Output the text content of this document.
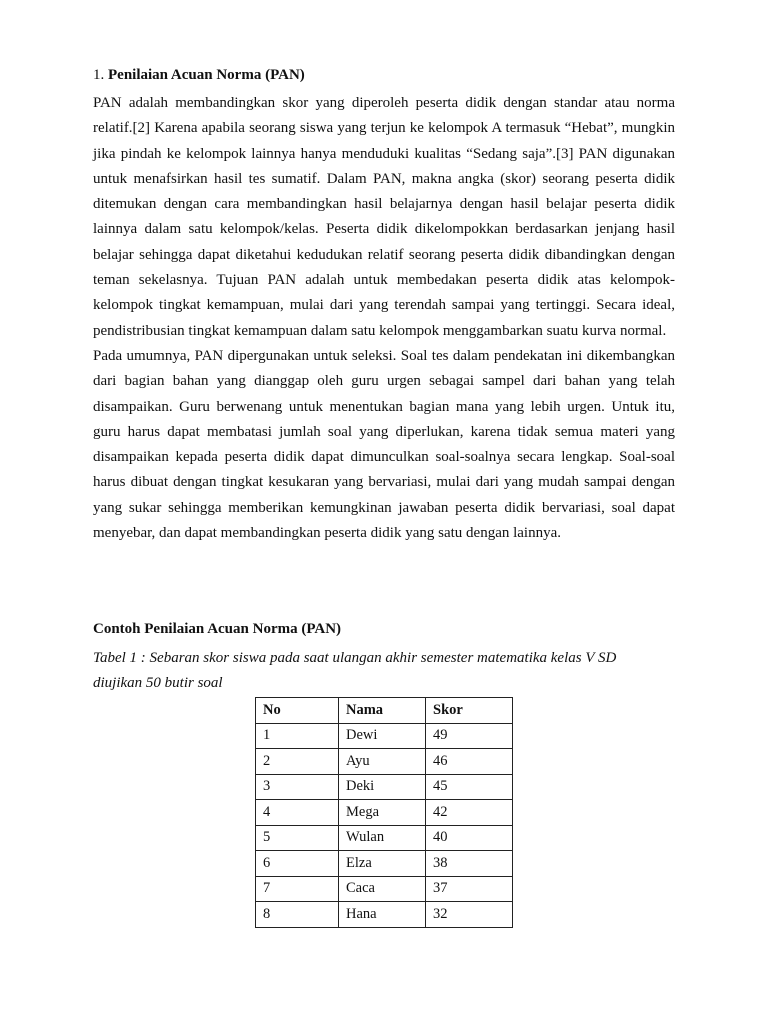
1. Penilaian Acuan Norma (PAN)

PAN adalah membandingkan skor yang diperoleh peserta didik dengan standar atau norma relatif.[2] Karena apabila seorang siswa yang terjun ke kelompok A termasuk “Hebat”, mungkin jika pindah ke kelompok lainnya hanya menduduki kualitas “Sedang saja”.[3] PAN digunakan untuk menafsirkan hasil tes sumatif. Dalam PAN, makna angka (skor) seorang peserta didik ditemukan dengan cara membandingkan hasil belajarnya dengan hasil belajar peserta didik lainnya dalam satu kelompok/kelas. Peserta didik dikelompokkan berdasarkan jenjang hasil belajar sehingga dapat diketahui kedudukan relatif seorang peserta didik dibandingkan dengan teman sekelasnya. Tujuan PAN adalah untuk membedakan peserta didik atas kelompok-kelompok tingkat kemampuan, mulai dari yang terendah sampai yang tertinggi. Secara ideal, pendistribusian tingkat kemampuan dalam satu kelompok menggambarkan suatu kurva normal.

Pada umumnya, PAN dipergunakan untuk seleksi. Soal tes dalam pendekatan ini dikembangkan dari bagian bahan yang dianggap oleh guru urgen sebagai sampel dari bahan yang telah disampaikan. Guru berwenang untuk menentukan bagian mana yang lebih urgen. Untuk itu, guru harus dapat membatasi jumlah soal yang diperlukan, karena tidak semua materi yang disampaikan kepada peserta didik dapat dimunculkan soal-soalnya secara lengkap. Soal-soal harus dibuat dengan tingkat kesukaran yang bervariasi, mulai dari yang mudah sampai dengan yang sukar sehingga memberikan kemungkinan jawaban peserta didik bervariasi, soal dapat menyebar, dan dapat membandingkan peserta didik yang satu dengan lainnya.

Contoh Penilaian Acuan Norma (PAN)
Tabel 1 : Sebaran skor siswa pada saat ulangan akhir semester matematika kelas V SD
diujikan 50 butir soal
No	Nama	Skor
1	Dewi	49
2	Ayu	46
3	Deki	45
4	Mega	42
5	Wulan	40
6	Elza	38
7	Caca	37
8	Hana	32
